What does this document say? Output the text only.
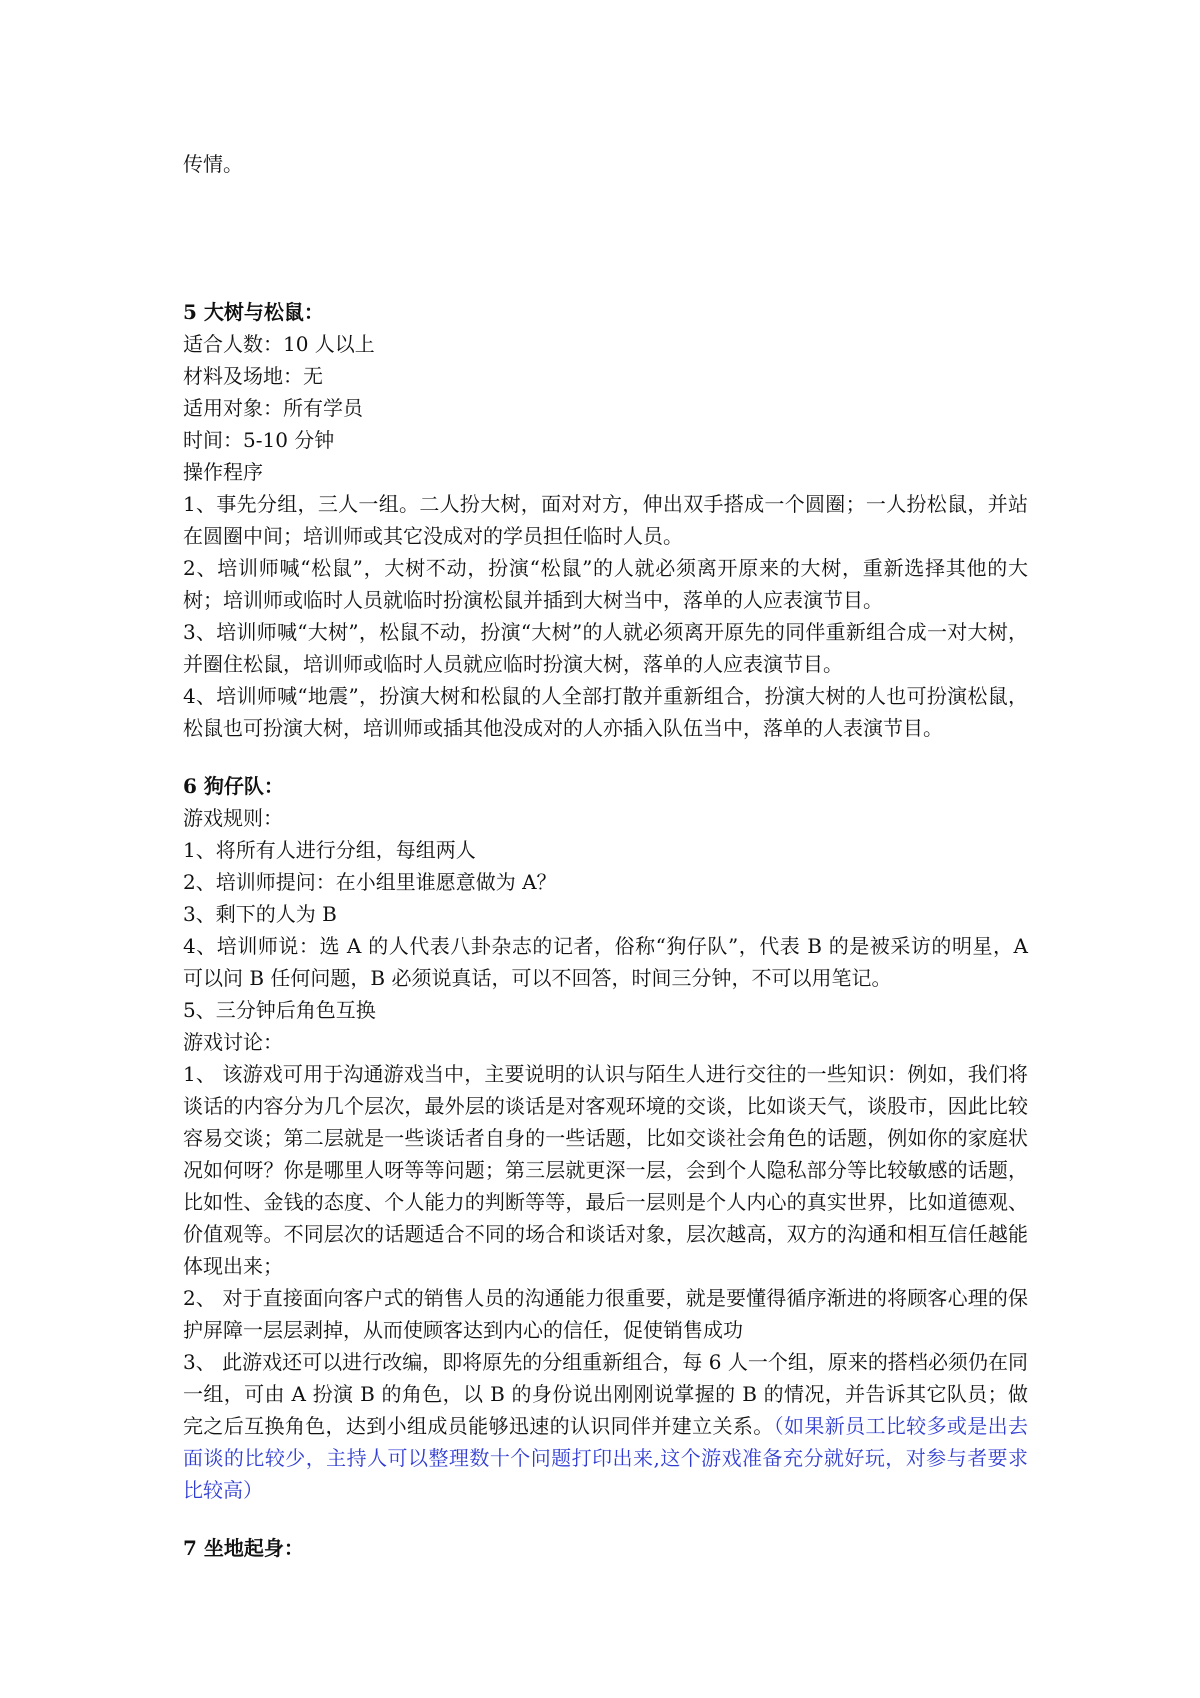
传情。

5 大树与松鼠：

适合人数：10 人以上

材料及场地：无

适用对象：所有学员

时间：5-10 分钟

操作程序

1、事先分组，三人一组。二人扮大树，面对对方，伸出双手搭成一个圆圈；一人扮松鼠，并站在圆圈中间；培训师或其它没成对的学员担任临时人员。

2、培训师喊“松鼠”，大树不动，扮演“松鼠”的人就必须离开原来的大树，重新选择其他的大树；培训师或临时人员就临时扮演松鼠并插到大树当中，落单的人应表演节目。

3、培训师喊“大树”，松鼠不动，扮演“大树”的人就必须离开原先的同伴重新组合成一对大树，并圈住松鼠，培训师或临时人员就应临时扮演大树，落单的人应表演节目。

4、培训师喊“地震”，扮演大树和松鼠的人全部打散并重新组合，扮演大树的人也可扮演松鼠，松鼠也可扮演大树，培训师或插其他没成对的人亦插入队伍当中，落单的人表演节目。

6 狗仔队：

游戏规则：

1、将所有人进行分组，每组两人

2、培训师提问：在小组里谁愿意做为 A？

3、剩下的人为 B

4、培训师说：选 A 的人代表八卦杂志的记者，俗称“狗仔队”，代表 B 的是被采访的明星，A 可以问 B 任何问题，B 必须说真话，可以不回答，时间三分钟，不可以用笔记。

5、三分钟后角色互换

游戏讨论：

1、 该游戏可用于沟通游戏当中，主要说明的认识与陌生人进行交往的一些知识：例如，我们将谈话的内容分为几个层次，最外层的谈话是对客观环境的交谈，比如谈天气，谈股市，因此比较容易交谈；第二层就是一些谈话者自身的一些话题，比如交谈社会角色的话题，例如你的家庭状况如何呀？你是哪里人呀等等问题；第三层就更深一层，会到个人隐私部分等比较敏感的话题，比如性、金钱的态度、个人能力的判断等等，最后一层则是个人内心的真实世界，比如道德观、价值观等。不同层次的话题适合不同的场合和谈话对象，层次越高，双方的沟通和相互信任越能体现出来；

2、 对于直接面向客户式的销售人员的沟通能力很重要，就是要懂得循序渐进的将顾客心理的保护屏障一层层剥掉，从而使顾客达到内心的信任，促使销售成功

3、 此游戏还可以进行改编，即将原先的分组重新组合，每 6 人一个组，原来的搭档必须仍在同一组，可由 A 扮演 B 的角色，以 B 的身份说出刚刚说掌握的 B 的情况，并告诉其它队员；做完之后互换角色，达到小组成员能够迅速的认识同伴并建立关系。（如果新员工比较多或是出去面谈的比较少，主持人可以整理数十个问题打印出来,这个游戏准备充分就好玩，对参与者要求比较高）

7 坐地起身：
